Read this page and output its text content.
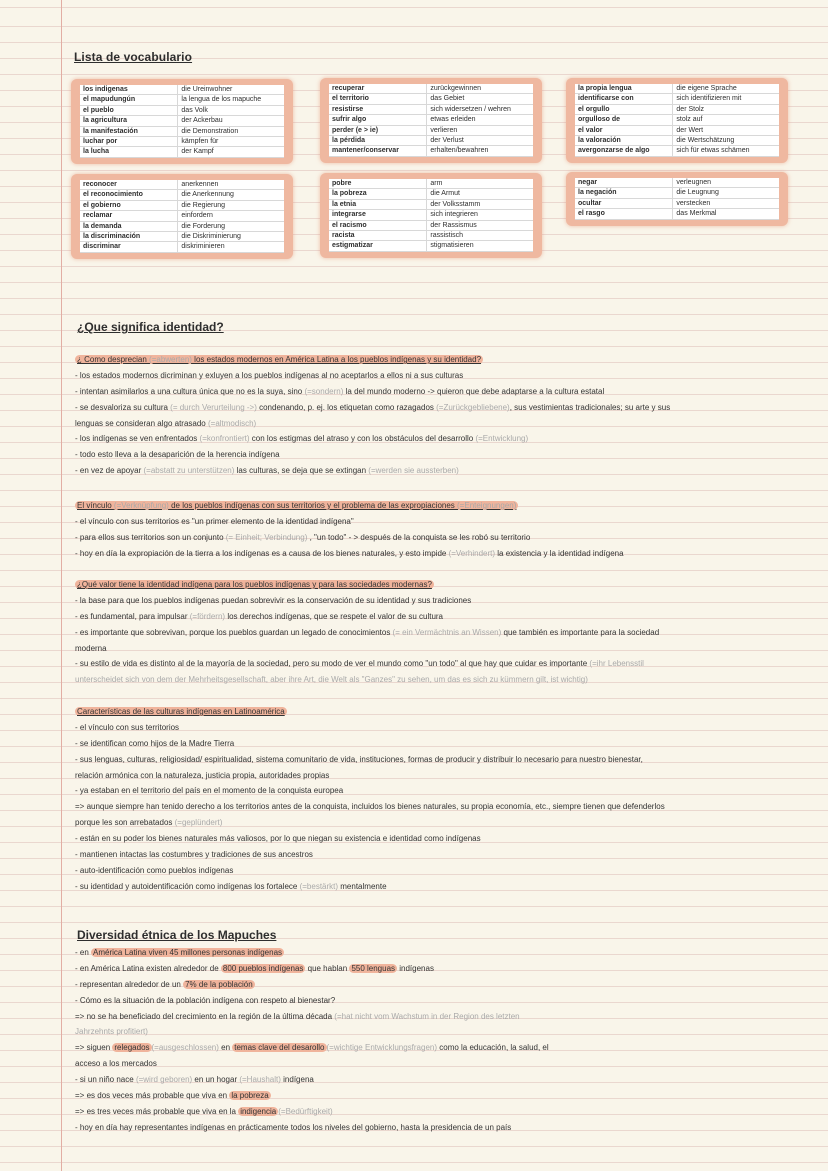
Lista de vocabulario
los indigenas	die Ureinwohner
el mapudungún	la lengua de los mapuche
el pueblo	das Volk
la agricultura	der Ackerbau
la manifestación	die Demonstration
luchar por	kämpfen für
la lucha	der Kampf
recuperar	zurückgewinnen
el territorio	das Gebiet
resistirse	sich widersetzen / wehren
sufrir algo	etwas erleiden
perder (e > ie)	verlieren
la pérdida	der Verlust
mantener/conservar	erhalten/bewahren
la propia lengua	die eigene Sprache
identificarse con	sich identifizieren mit
el orgullo	der Stolz
orgulloso de	stolz auf
el valor	der Wert
la valoración	die Wertschätzung
avergonzarse de algo	sich für etwas schämen
reconocer	anerkennen
el reconocimiento	die Anerkennung
el gobierno	die Regierung
reclamar	einfordern
la demanda	die Forderung
la discriminación	die Diskriminierung
discriminar	diskriminieren
pobre	arm
la pobreza	die Armut
la etnia	der Volksstamm
integrarse	sich integrieren
el racismo	der Rassismus
racista	rassistisch
estigmatizar	stigmatisieren
negar	verleugnen
la negación	die Leugnung
ocultar	verstecken
el rasgo	das Merkmal
¿Que significa identidad?
¿ Como desprecian (=abwerten) los estados modernos en América Latina a los pueblos indígenas y su identidad?
- los estados modernos dicriminan y exluyen a los pueblos indígenas al no aceptarlos a ellos ni a sus culturas
- intentan asimilarlos a una cultura única que no es la suya, sino (=sondern) la del mundo moderno -> quieron que debe adaptarse a la cultura estatal
- se desvaloriza su cultura (= durch Verurteilung ->) condenando, p. ej. los etiquetan como razagados (=Zurückgebliebene), sus vestimientas tradicionales; su arte y sus
lenguas se consideran algo atrasado (=altmodisch)
- los indígenas se ven enfrentados (=konfrontiert) con los estigmas del atraso y con los obstáculos del desarrollo (=Entwicklung)
- todo esto lleva a la desaparición de la herencia indígena
- en vez de apoyar (=abstatt zu unterstützen) las culturas, se deja que se extingan (=werden sie aussterben)
El vínculo (=Verknüpfung) de los pueblos indígenas con sus territorios y el problema de las expropiaciones (=Enteignungen)
- el vínculo con sus territorios es "un primer elemento de la identidad indígena"
- para ellos sus territorios son un conjunto (= Einheit; Verbindung) , "un todo" - > después de la conquista se les robó su territorio
- hoy en día la expropiación de la tierra a los indígenas es a causa de los bienes naturales, y esto impide (=Verhindert) la existencia y la identidad indígena
¿Qué valor tiene la identidad indígena para los pueblos indígenas y para las sociedades modernas?
- la base para que los pueblos indígenas puedan sobrevivir es la conservación de su identidad y sus tradiciones
- es fundamental, para impulsar (=fördern) los derechos indígenas, que se respete el valor de su cultura
- es importante que sobrevivan, porque los pueblos guardan un legado de conocimientos (= ein Vermächtnis an Wissen) que también es importante para la sociedad
moderna
- su estilo de vida es distinto al de la mayoría de la sociedad, pero su modo de ver el mundo como "un todo" al que hay que cuidar es importante (=ihr Lebensstil
unterscheidet sich von dem der Mehrheitsgesellschaft, aber ihre Art, die Welt als "Ganzes" zu sehen, um das es sich zu kümmern gilt, ist wichtig)
Características de las culturas indígenas en Latinoamérica
- el vínculo con sus territorios
- se identifican como hijos de la Madre Tierra
- sus lenguas, culturas, religiosidad/ espiritualidad, sistema comunitario de vida, instituciones, formas de producir y distribuir lo necesario para nuestro bienestar,
relación armónica con la naturaleza, justicia propia, autoridades propias
- ya estaban en el territorio del país en el momento de la conquista europea
=> aunque siempre han tenido derecho a los territorios antes de la conquista, incluidos los bienes naturales, su propia economía, etc., siempre tienen que defenderlos
porque les son arrebatados (=geplündert)
- están en su poder los bienes naturales más valiosos, por lo que niegan su existencia e identidad como indígenas
- mantienen intactas las costumbres y tradiciones de sus ancestros
- auto-identificación como pueblos indígenas
- su identidad y autoidentificación como indígenas los fortalece (=bestärkt) mentalmente
Diversidad étnica de los Mapuches
- en América Latina viven 45 millones personas indígenas
- en América Latina existen alrededor de 800 pueblos indígenas que hablan 550 lenguas indígenas
- representan alrededor de un 7% de la población
- Cómo es la situación de la población indígena con respeto al bienestar?
=> no se ha beneficiado del crecimiento en la región de la última década (=hat nicht vom Wachstum in der Region des letzten
Jahrzehnts profitiert)
=> siguen relegados (=ausgeschlossen) en temas clave del desarollo (=wichtige Entwicklungsfragen) como la educación, la salud, el
acceso a los mercados
- si un niño nace (=wird geboren) en un hogar (=Haushalt) indígena
=> es dos veces más probable que viva en la pobreza
=> es tres veces más probable que viva en la indigencia (=Bedürftigkeit)
- hoy en día hay representantes indígenas en prácticamente todos los niveles del gobierno, hasta la presidencia de un país
